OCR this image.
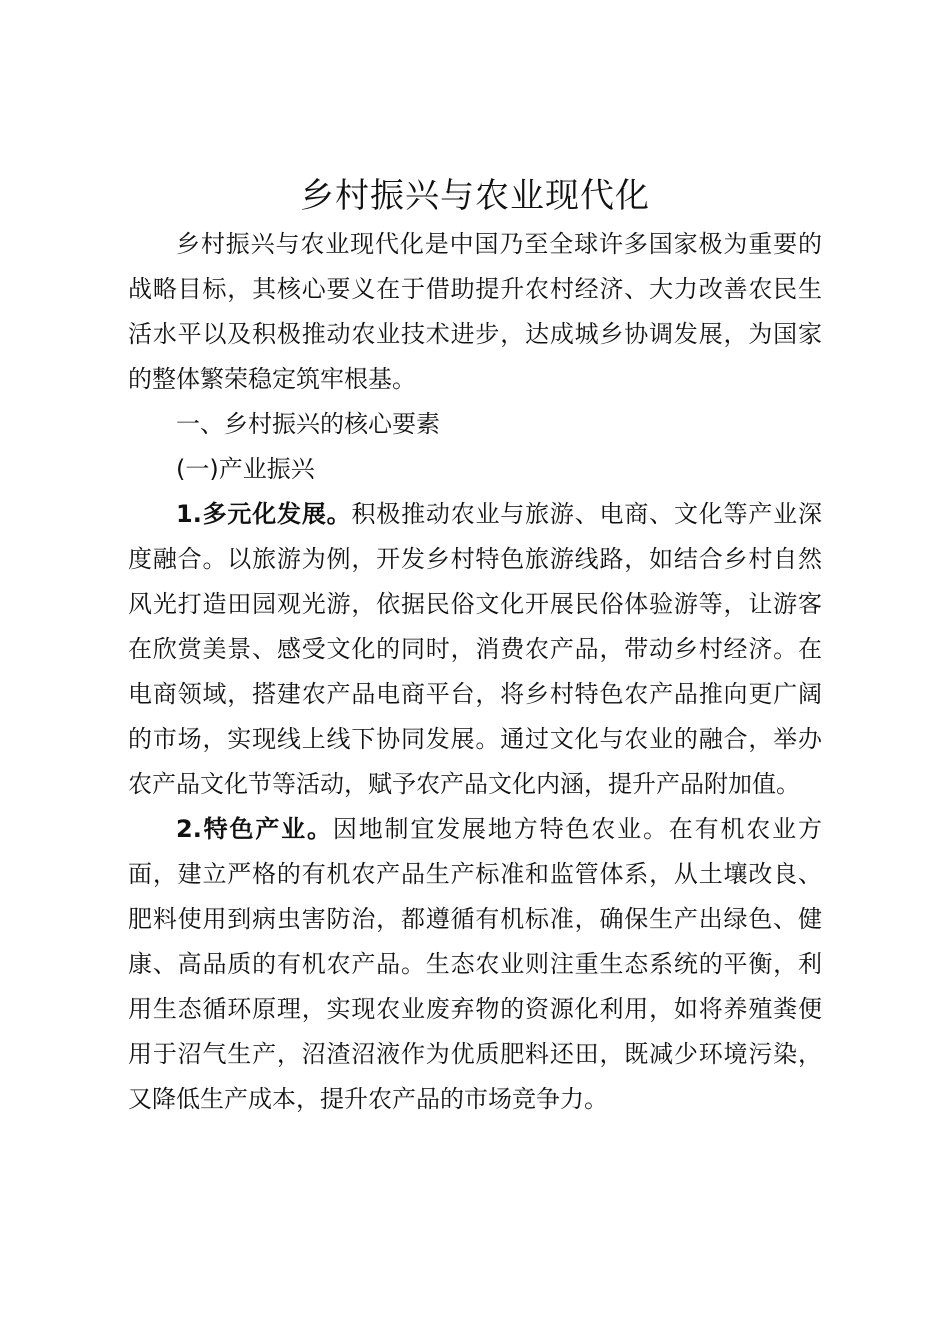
乡村振兴与农业现代化

乡村振兴与农业现代化是中国乃至全球许多国家极为重要的战略目标，其核心要义在于借助提升农村经济、大力改善农民生活水平以及积极推动农业技术进步，达成城乡协调发展，为国家的整体繁荣稳定筑牢根基。

一、乡村振兴的核心要素

(一)产业振兴

1.多元化发展。积极推动农业与旅游、电商、文化等产业深度融合。以旅游为例，开发乡村特色旅游线路，如结合乡村自然风光打造田园观光游，依据民俗文化开展民俗体验游等，让游客在欣赏美景、感受文化的同时，消费农产品，带动乡村经济。在电商领域，搭建农产品电商平台，将乡村特色农产品推向更广阔的市场，实现线上线下协同发展。通过文化与农业的融合，举办农产品文化节等活动，赋予农产品文化内涵，提升产品附加值。

2.特色产业。因地制宜发展地方特色农业。在有机农业方面，建立严格的有机农产品生产标准和监管体系，从土壤改良、肥料使用到病虫害防治，都遵循有机标准，确保生产出绿色、健康、高品质的有机农产品。生态农业则注重生态系统的平衡，利用生态循环原理，实现农业废弃物的资源化利用，如将养殖粪便用于沼气生产，沼渣沼液作为优质肥料还田，既减少环境污染，又降低生产成本，提升农产品的市场竞争力。
